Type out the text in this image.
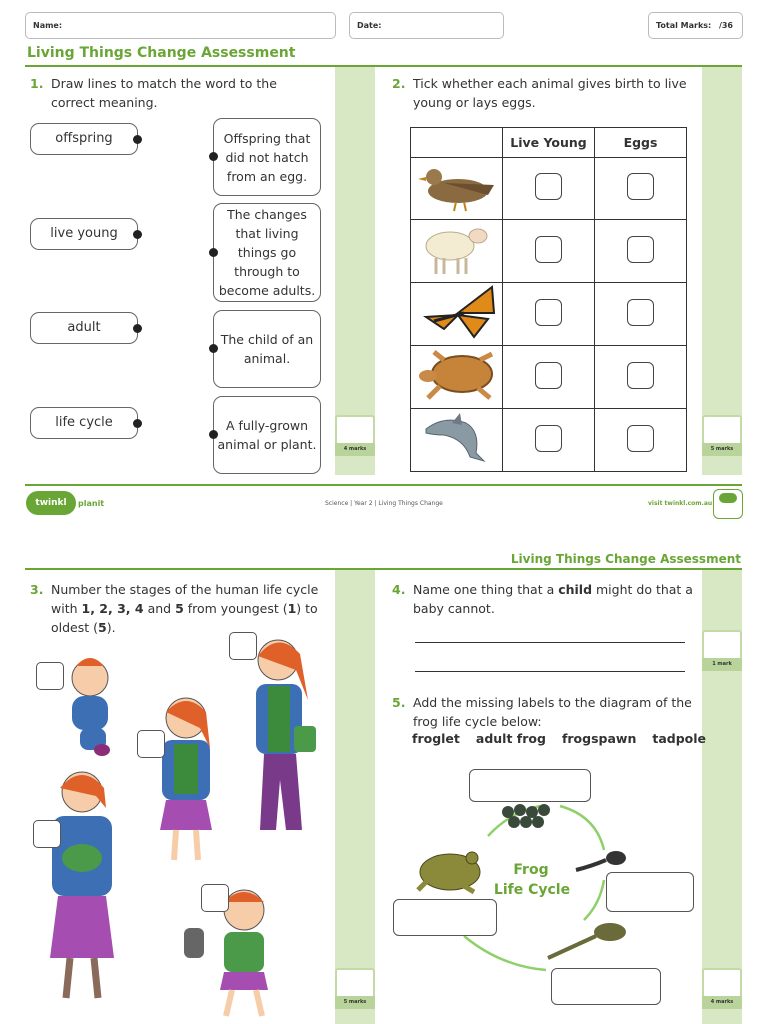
Name:	Date:	Total Marks: /36
Living Things Change Assessment
4 marks	5 marks
1. Draw lines to match the word to the correct meaning.
offspring
live young
adult
life cycle
Offspring that did not hatch from an egg.
The changes that living things go through to become adults.
The child of an animal.
A fully-grown animal or plant.
2. Tick whether each animal gives birth to live young or lays eggs.
	Live Young	Eggs

twinkl	planit	Science | Year 2 | Living Things Change	visit twinkl.com.au
Living Things Change Assessment
5 marks
1 mark
4 marks
3. Number the stages of the human life cycle with 1, 2, 3, 4 and 5 from youngest (1) to oldest (5).
4. Name one thing that a child might do that a baby cannot.
5. Add the missing labels to the diagram of the frog life cycle below:
froglet adult frog frogspawn tadpole
Frog
Life Cycle
